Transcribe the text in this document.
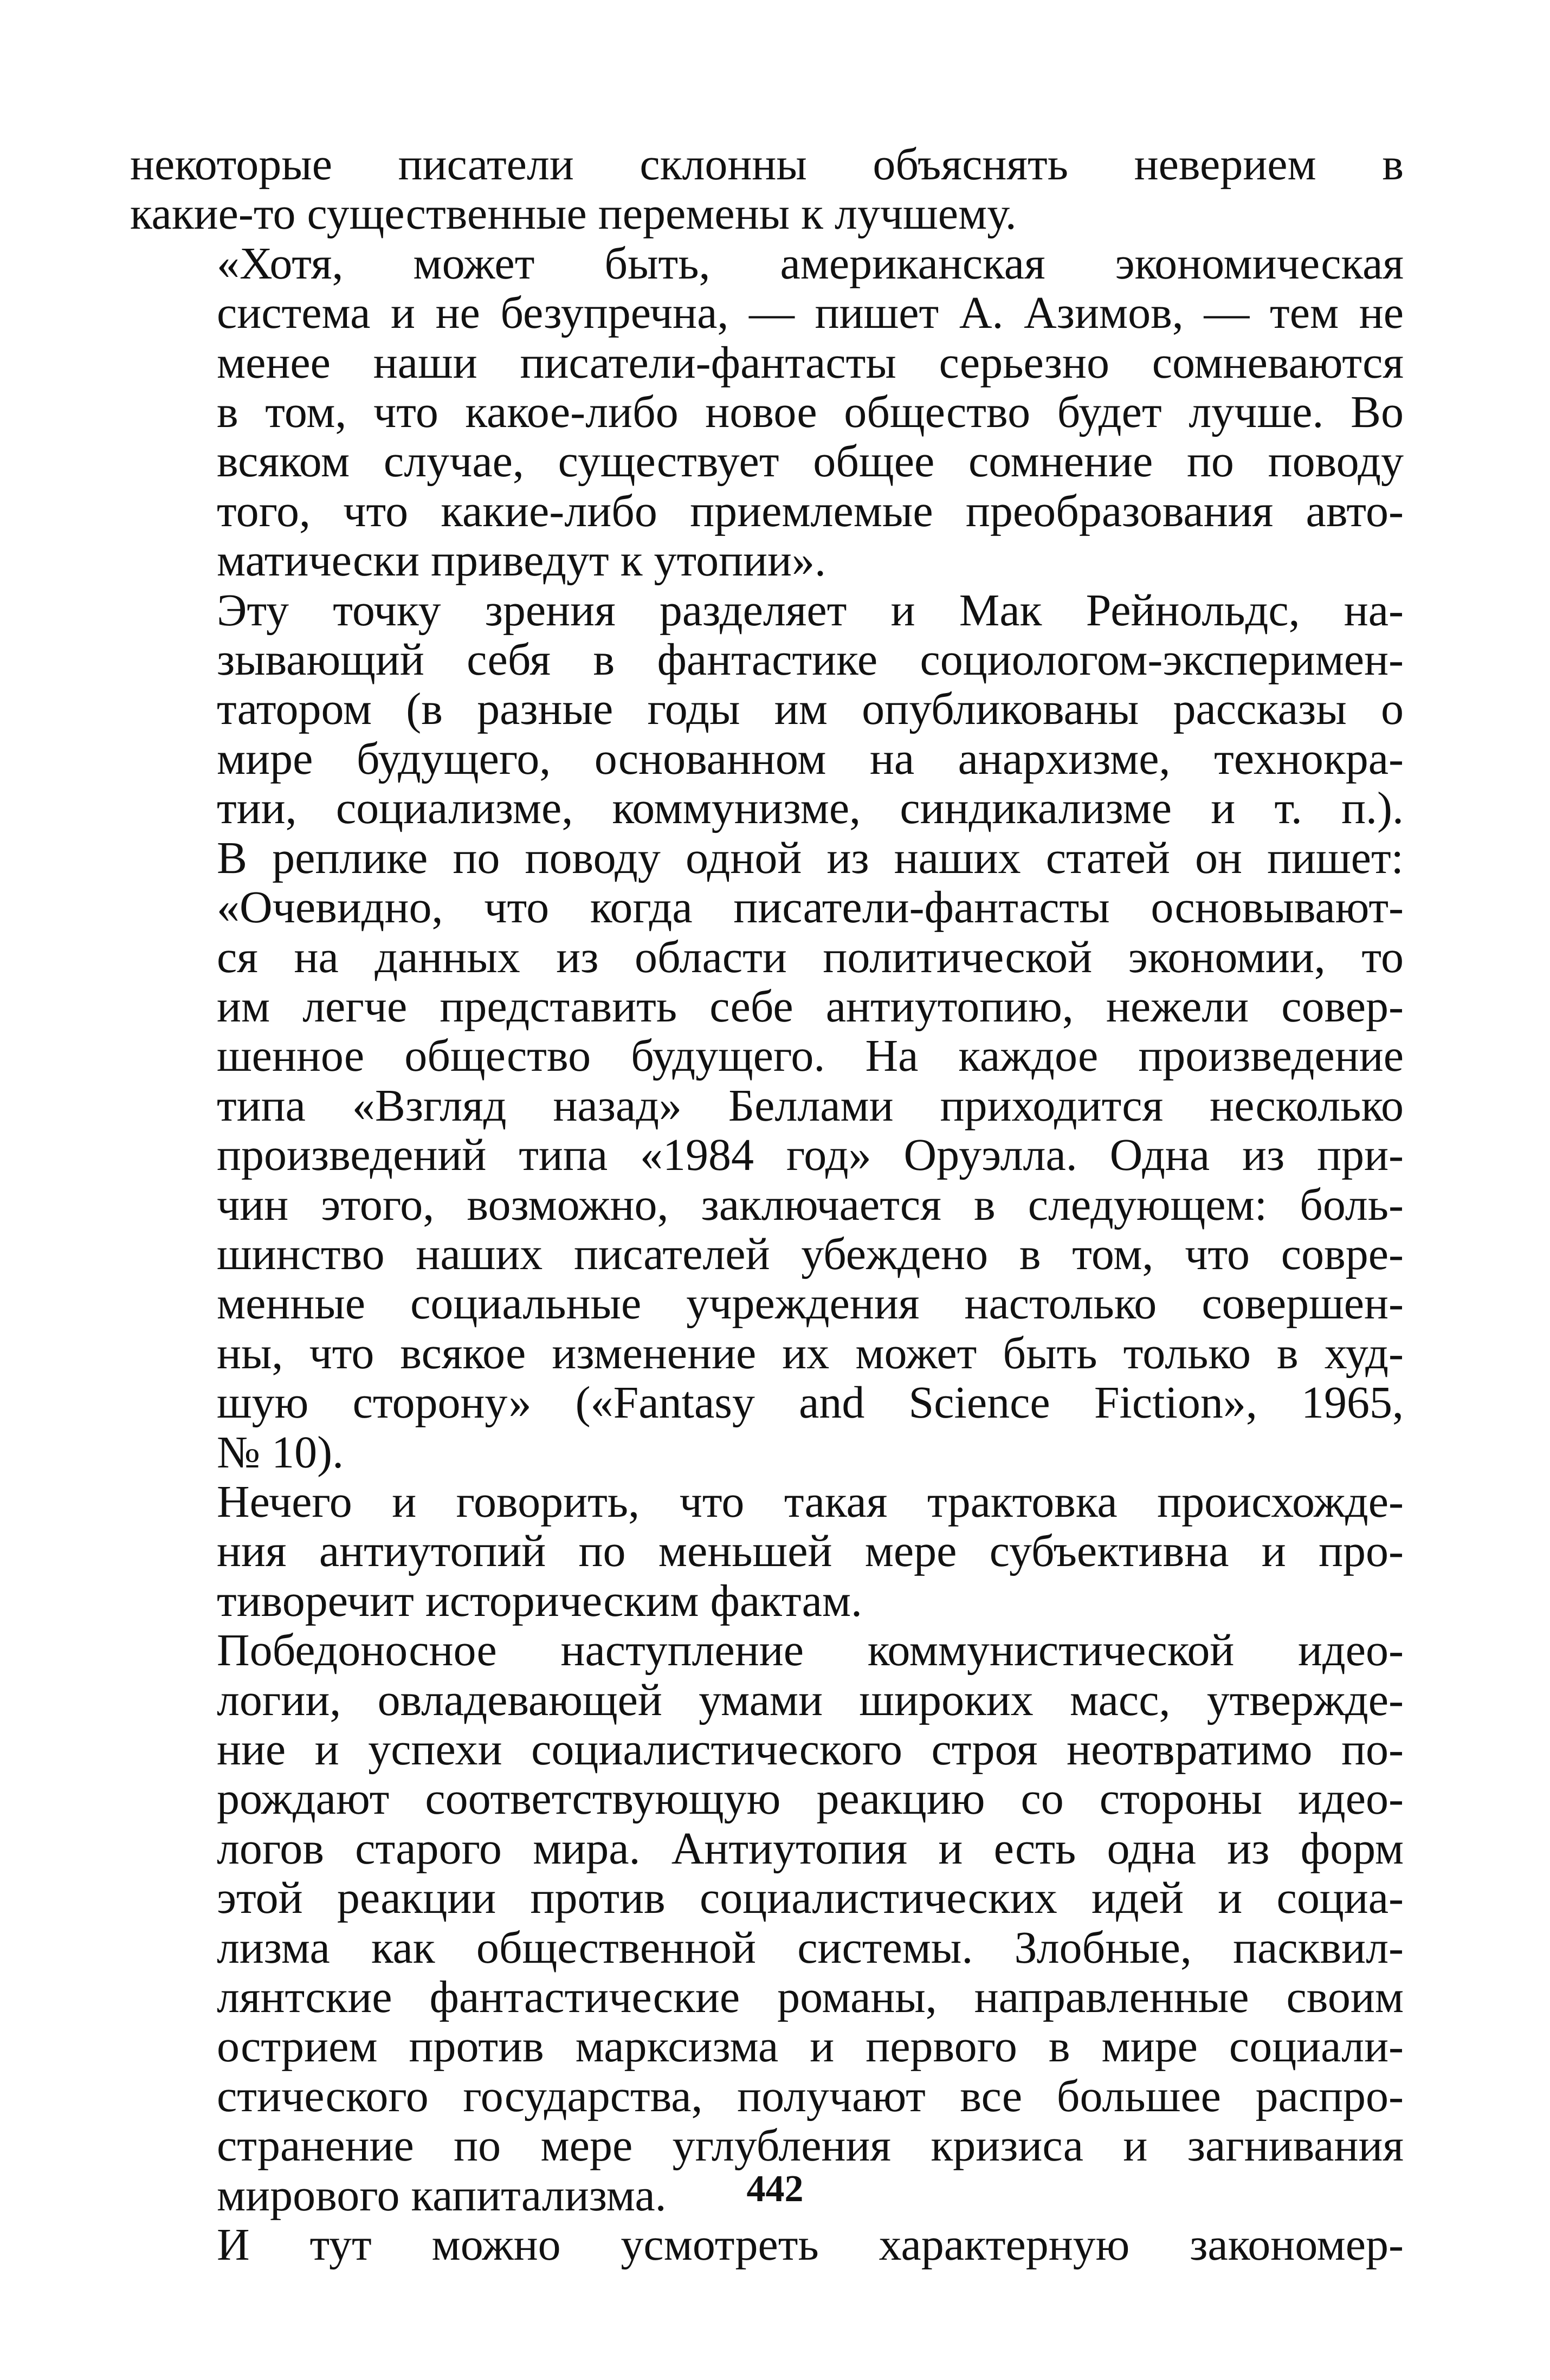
некоторые писатели склонны объяснять неверием в
какие-то существенные перемены к лучшему.

«Хотя, может быть, американская экономическая
система и не безупречна, — пишет А. Азимов, — тем не
менее наши писатели-фантасты серьезно сомневаются
в том, что какое-либо новое общество будет лучше. Во
всяком случае, существует общее сомнение по поводу
того, что какие-либо приемлемые преобразования авто-
матически приведут к утопии».

Эту точку зрения разделяет и Мак Рейнольдс, на-
зывающий себя в фантастике социологом-эксперимен-
татором (в разные годы им опубликованы рассказы о
мире будущего, основанном на анархизме, технокра-
тии, социализме, коммунизме, синдикализме и т. п.).
В реплике по поводу одной из наших статей он пишет:
«Очевидно, что когда писатели-фантасты основывают-
ся на данных из области политической экономии, то
им легче представить себе антиутопию, нежели совер-
шенное общество будущего. На каждое произведение
типа «Взгляд назад» Беллами приходится несколько
произведений типа «1984 год» Оруэлла. Одна из при-
чин этого, возможно, заключается в следующем: боль-
шинство наших писателей убеждено в том, что совре-
менные социальные учреждения настолько совершен-
ны, что всякое изменение их может быть только в худ-
шую сторону» («Fantasy and Science Fiction», 1965,
№ 10).

Нечего и говорить, что такая трактовка происхожде-
ния антиутопий по меньшей мере субъективна и про-
тиворечит историческим фактам.

Победоносное наступление коммунистической идео-
логии, овладевающей умами широких масс, утвержде-
ние и успехи социалистического строя неотвратимо по-
рождают соответствующую реакцию со стороны идео-
логов старого мира. Антиутопия и есть одна из форм
этой реакции против социалистических идей и социа-
лизма как общественной системы. Злобные, пасквил-
лянтские фантастические романы, направленные своим
острием против марксизма и первого в мире социали-
стического государства, получают все большее распро-
странение по мере углубления кризиса и загнивания
мирового капитализма.

И тут можно усмотреть характерную закономер-

442
